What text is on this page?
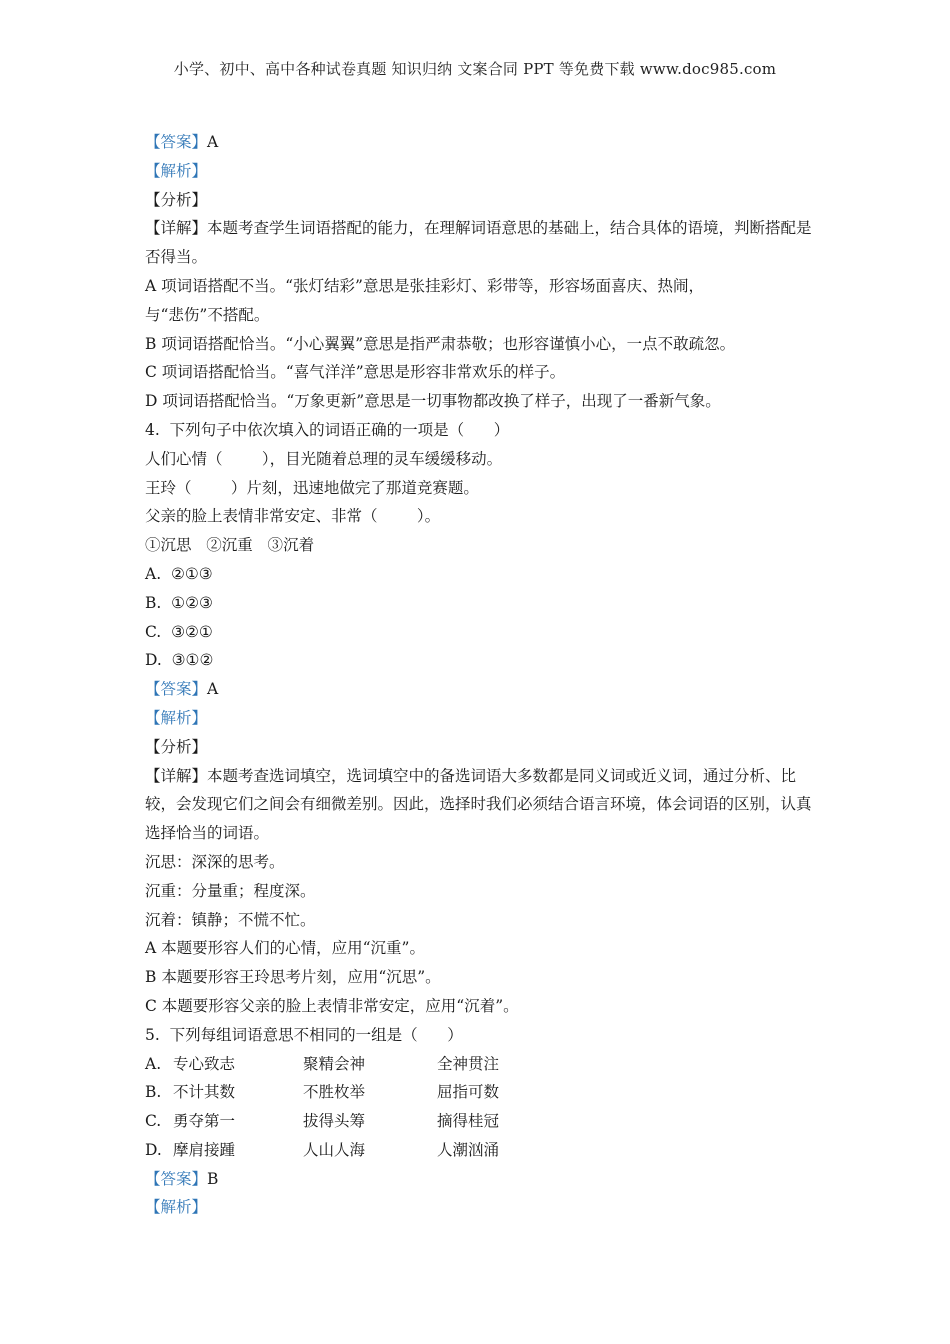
小学、初中、高中各种试卷真题 知识归纳 文案合同 PPT 等免费下载 www.doc985.com
【答案】A
【解析】
【分析】
【详解】本题考查学生词语搭配的能力，在理解词语意思的基础上，结合具体的语境，判断搭配是否得当。
A 项词语搭配不当。“张灯结彩”意思是张挂彩灯、彩带等，形容场面喜庆、热闹，
与“悲伤”不搭配。
B 项词语搭配恰当。“小心翼翼”意思是指严肃恭敬；也形容谨慎小心，一点不敢疏忽。
C 项词语搭配恰当。“喜气洋洋”意思是形容非常欢乐的样子。
D 项词语搭配恰当。“万象更新”意思是一切事物都改换了样子，出现了一番新气象。
4.  下列句子中依次填入的词语正确的一项是（      ）
人们心情（        ），目光随着总理的灵车缓缓移动。
王玲（        ）片刻，迅速地做完了那道竞赛题。
父亲的脸上表情非常安定、非常（        ）。
①沉思   ②沉重   ③沉着
A.  ②①③
B.  ①②③
C.  ③②①
D.  ③①②
【答案】A
【解析】
【分析】
【详解】本题考查选词填空，选词填空中的备选词语大多数都是同义词或近义词，通过分析、比较，会发现它们之间会有细微差别。因此，选择时我们必须结合语言环境，体会词语的区别，认真选择恰当的词语。
沉思：深深的思考。
沉重：分量重；程度深。
沉着：镇静；不慌不忙。
A 本题要形容人们的心情，应用“沉重”。
B 本题要形容王玲思考片刻，应用“沉思”。
C 本题要形容父亲的脸上表情非常安定，应用“沉着”。
5.  下列每组词语意思不相同的一组是（      ）
A. 专心致志	聚精会神	全神贯注
B. 不计其数	不胜枚举	屈指可数
C. 勇夺第一	拔得头筹	摘得桂冠
D. 摩肩接踵	人山人海	人潮汹涌
【答案】B
【解析】
